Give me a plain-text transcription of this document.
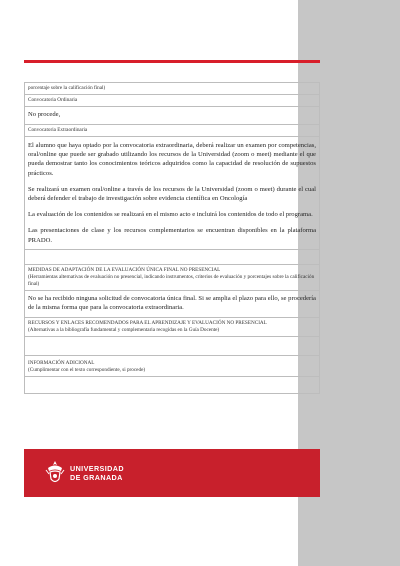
porcentaje sobre la calificación final)
Convocatoria Ordinaria
No procede,
Convocatoria Extraordinaria

El alumno que haya optado por la convocatoria extraordinaria, deberá realizar un examen por competencias, oral/online que puede ser grabado utilizando los recursos de la Universidad (zoom o meet) mediante el que pueda demostrar tanto los conocimientos teóricos adquiridos como la capacidad de resolución de supuestos prácticos.

Se realizará un examen oral/online a través de los recursos de la Universidad (zoom o meet) durante el cual deberá defender el trabajo de investigación sobre evidencia científica en Oncología

La evaluación de los contenidos se realizará en el mismo acto e incluirá los contenidos de todo el programa.

Las presentaciones de clase y los recursos complementarios se encuentran disponibles en la plataforma PRADO.

MEDIDAS DE ADAPTACIÓN DE LA EVALUACIÓN ÚNICA FINAL NO PRESENCIAL
(Herramientas alternativas de evaluación no presencial, indicando instrumentos, criterios de evaluación y porcentajes sobre la calificación final)

No se ha recibido ninguna solicitud de convocatoria única final. Si se amplia el plazo para ello, se procedería de la misma forma que para la convocatoria extraordinaria.

RECURSOS Y ENLACES RECOMENDADOS PARA EL APRENDIZAJE Y EVALUACIÓN NO PRESENCIAL
(Alternativas a la bibliografía fundamental y complementaria recogidas en la Guía Docente)

INFORMACIÓN ADICIONAL
(Cumplimentar con el texto correspondiente, si procede)

UNIVERSIDAD
DE GRANADA
